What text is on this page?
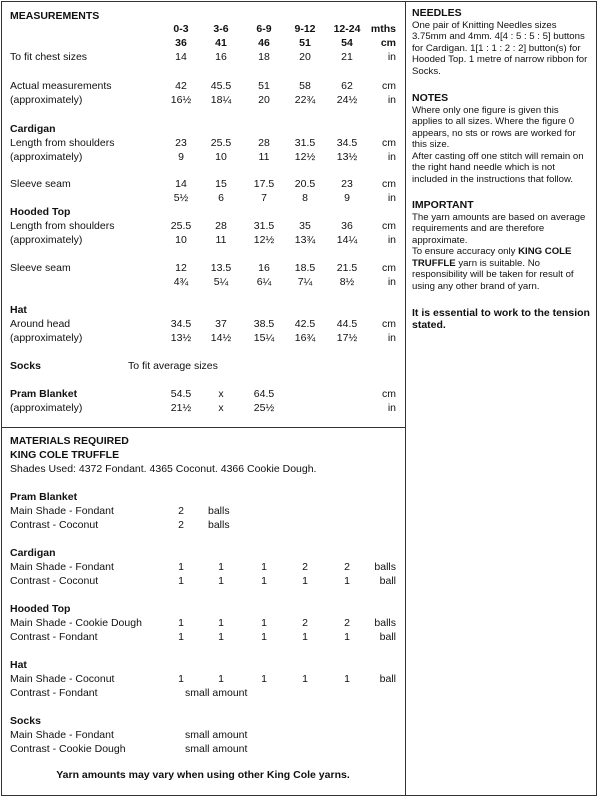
MEASUREMENTS
0-3 3-6	6-9 9-12 12-24 mths
36	41	46	51	54	cm
To fit chest sizes	14	16	18	20	21	in
Actual measurements	42 45.5	51	58	62	cm
(approximately)	16½ 18¼	20 22¾ 24½	in
Cardigan
Length from shoulders	23 25.5	28 31.5 34.5 cm
(approximately)	9	10	11 12½ 13½	in
Sleeve seam	14	15	17.5 20.5 23	cm
5½	6	7	8	9	in
Hooded Top
Length from shoulders	25.5 28	31.5 35	36	cm
(approximately)	10	11	12½ 13¾ 14¼	in
Sleeve seam	12 13.5	16 18.5 21.5 cm
4¾ 5¼	6¼	7¼	8½	in
Hat
Around head	34.5 37	38.5 42.5 44.5 cm
(approximately)	13½ 14½ 15¼ 16¾ 17½	in
Socks	To fit average sizes
Pram Blanket	54.5	x	64.5	cm
(approximately)	21½	x	25½	in
MATERIALS REQUIRED
KING COLE TRUFFLE
Shades Used: 4372 Fondant. 4365 Coconut. 4366 Cookie Dough.
Pram Blanket
Main Shade - Fondant	2 balls
Contrast - Coconut	2 balls
Cardigan
Main Shade - Fondant	1	1	1	2	2 balls
Contrast - Coconut	1	1	1	1	1	ball
Hooded Top
Main Shade - Cookie Dough	1	1	1	2	2 balls
Contrast - Fondant	1	1	1	1	1	ball
Hat
Main Shade - Coconut	1	1	1	1	1	ball
Contrast - Fondant	small amount
Socks
Main Shade - Fondant	small amount
Contrast - Cookie Dough	small amount
Yarn amounts may vary when using other King Cole yarns.

NEEDLES

One pair of Knitting Needles sizes 3.75mm and 4mm. 4[4 : 5 : 5 : 5] buttons for Cardigan. 1[1 : 1 : 2 : 2] button(s) for Hooded Top. 1 metre of narrow ribbon for Socks.

NOTES

Where only one figure is given this applies to all sizes. Where the figure 0 appears, no sts or rows are worked for this size.

After casting off one stitch will remain on the right hand needle which is not included in the instructions that follow.

IMPORTANT

The yarn amounts are based on average requirements and are therefore approximate.

To ensure accuracy only KING COLE TRUFFLE yarn is suitable. No responsibility will be taken for result of using any other brand of yarn.

It is essential to work to the tension stated.
